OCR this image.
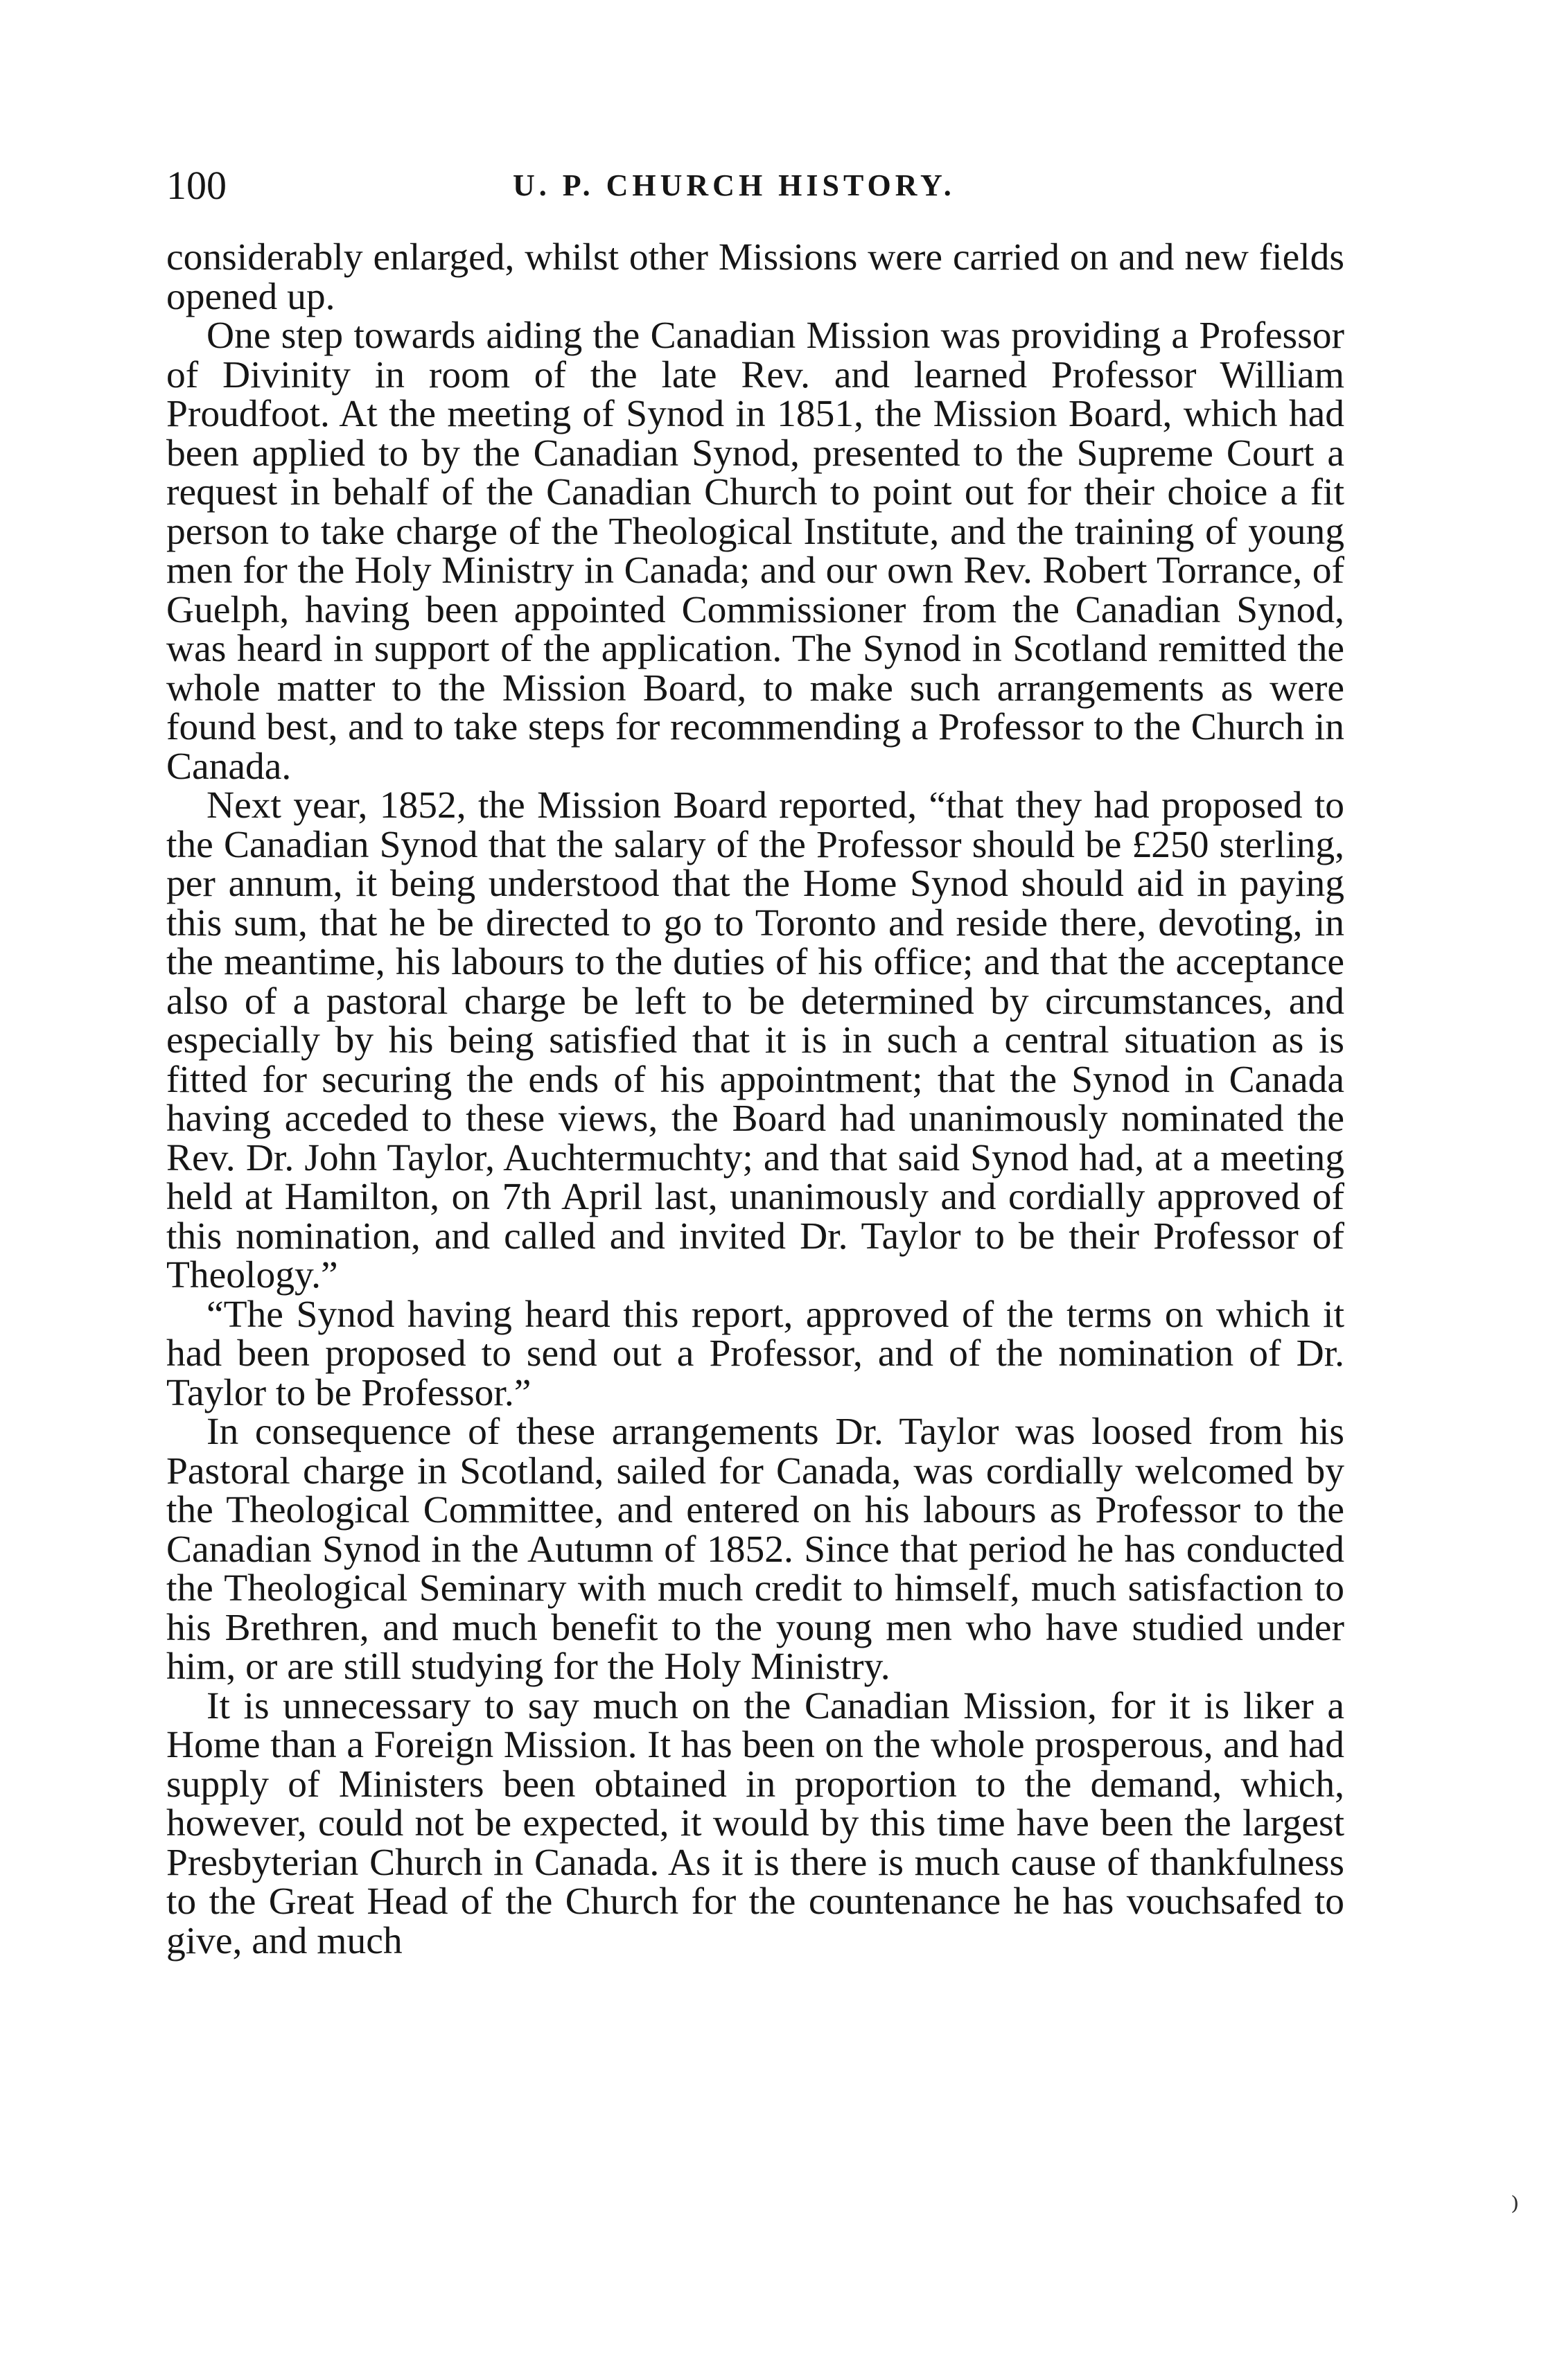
100	U. P. CHURCH HISTORY.

considerably enlarged, whilst other Missions were carried on and new fields opened up.

One step towards aiding the Canadian Mission was providing a Professor of Divinity in room of the late Rev. and learned Professor William Proudfoot. At the meeting of Synod in 1851, the Mission Board, which had been applied to by the Canadian Synod, presented to the Supreme Court a request in behalf of the Canadian Church to point out for their choice a fit person to take charge of the Theological Institute, and the training of young men for the Holy Ministry in Canada; and our own Rev. Robert Torrance, of Guelph, having been appointed Commissioner from the Canadian Synod, was heard in support of the application. The Synod in Scotland remitted the whole matter to the Mission Board, to make such arrangements as were found best, and to take steps for recommending a Professor to the Church in Canada.

Next year, 1852, the Mission Board reported, “that they had proposed to the Canadian Synod that the salary of the Professor should be £250 sterling, per annum, it being understood that the Home Synod should aid in paying this sum, that he be directed to go to Toronto and reside there, devoting, in the meantime, his labours to the duties of his office; and that the acceptance also of a pastoral charge be left to be determined by circumstances, and especially by his being satisfied that it is in such a central situation as is fitted for securing the ends of his appointment; that the Synod in Canada having acceded to these views, the Board had unanimously nominated the Rev. Dr. John Taylor, Auchtermuchty; and that said Synod had, at a meeting held at Hamilton, on 7th April last, unanimously and cordially approved of this nomination, and called and invited Dr. Taylor to be their Professor of Theology.”

“The Synod having heard this report, approved of the terms on which it had been proposed to send out a Professor, and of the nomination of Dr. Taylor to be Professor.”

In consequence of these arrangements Dr. Taylor was loosed from his Pastoral charge in Scotland, sailed for Canada, was cordially welcomed by the Theological Committee, and entered on his labours as Professor to the Canadian Synod in the Autumn of 1852. Since that period he has conducted the Theological Seminary with much credit to himself, much satisfaction to his Brethren, and much benefit to the young men who have studied under him, or are still studying for the Holy Ministry.

It is unnecessary to say much on the Canadian Mission, for it is liker a Home than a Foreign Mission. It has been on the whole prosperous, and had supply of Ministers been obtained in proportion to the demand, which, however, could not be expected, it would by this time have been the largest Presbyterian Church in Canada. As it is there is much cause of thankfulness to the Great Head of the Church for the countenance he has vouchsafed to give, and much

⁾
